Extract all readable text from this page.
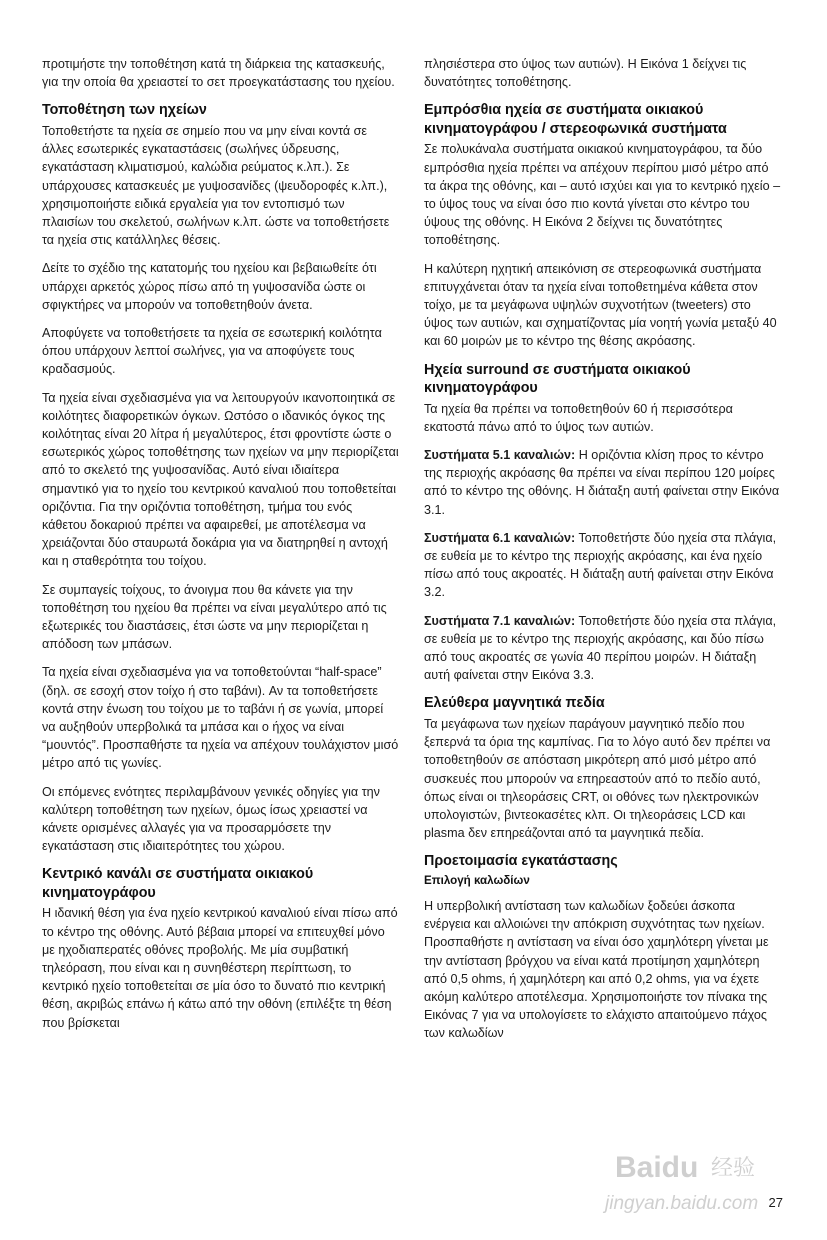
προτιμήστε την τοποθέτηση κατά τη διάρκεια της κατασκευής, για την οποία θα χρειαστεί το σετ προεγκατάστασης του ηχείου.

Τοποθέτηση των ηχείων

Τοποθετήστε τα ηχεία σε σημείο που να μην είναι κοντά σε άλλες εσωτερικές εγκαταστάσεις (σωλήνες ύδρευσης, εγκατάσταση κλιματισμού, καλώδια ρεύματος κ.λπ.). Σε υπάρχουσες κατασκευές με γυψοσανίδες (ψευδοροφές κ.λπ.), χρησιμοποιήστε ειδικά εργαλεία για τον εντοπισμό των πλαισίων του σκελετού, σωλήνων κ.λπ. ώστε να τοποθετήσετε τα ηχεία στις κατάλληλες θέσεις.

Δείτε το σχέδιο της κατατομής του ηχείου και βεβαιωθείτε ότι υπάρχει αρκετός χώρος πίσω από τη γυψοσανίδα ώστε οι σφιγκτήρες να μπορούν να τοποθετηθούν άνετα.

Αποφύγετε να τοποθετήσετε τα ηχεία σε εσωτερική κοιλότητα όπου υπάρχουν λεπτοί σωλήνες, για να αποφύγετε τους κραδασμούς.

Τα ηχεία είναι σχεδιασμένα για να λειτουργούν ικανοποιητικά σε κοιλότητες διαφορετικών όγκων. Ωστόσο ο ιδανικός όγκος της κοιλότητας είναι 20 λίτρα ή μεγαλύτερος, έτσι φροντίστε ώστε ο εσωτερικός χώρος τοποθέτησης των ηχείων να μην περιορίζεται από το σκελετό της γυψοσανίδας. Αυτό είναι ιδιαίτερα σημαντικό για το ηχείο του κεντρικού καναλιού που τοποθετείται οριζόντια. Για την οριζόντια τοποθέτηση, τμήμα του ενός κάθετου δοκαριού πρέπει να αφαιρεθεί, με αποτέλεσμα να χρειάζονται δύο σταυρωτά δοκάρια για να διατηρηθεί η αντοχή και η σταθερότητα του τοίχου.

Σε συμπαγείς τοίχους, το άνοιγμα που θα κάνετε για την τοποθέτηση του ηχείου θα πρέπει να είναι μεγαλύτερο από τις εξωτερικές του διαστάσεις, έτσι ώστε να μην περιορίζεται η απόδοση των μπάσων.

Τα ηχεία είναι σχεδιασμένα για να τοποθετούνται “half-space” (δηλ. σε εσοχή στον τοίχο ή στο ταβάνι). Αν τα τοποθετήσετε κοντά στην ένωση του τοίχου με το ταβάνι ή σε γωνία, μπορεί να αυξηθούν υπερβολικά τα μπάσα και ο ήχος να είναι “μουντός”. Προσπαθήστε τα ηχεία να απέχουν τουλάχιστον μισό μέτρο από τις γωνίες.

Οι επόμενες ενότητες περιλαμβάνουν γενικές οδηγίες για την καλύτερη τοποθέτηση των ηχείων, όμως ίσως χρειαστεί να κάνετε ορισμένες αλλαγές για να προσαρμόσετε την εγκατάσταση στις ιδιαιτερότητες του χώρου.

Κεντρικό κανάλι σε συστήματα οικιακού κινηματογράφου

Η ιδανική θέση για ένα ηχείο κεντρικού καναλιού είναι πίσω από το κέντρο της οθόνης. Αυτό βέβαια μπορεί να επιτευχθεί μόνο με ηχοδιαπερατές οθόνες προβολής. Με μία συμβατική τηλεόραση, που είναι και η συνηθέστερη περίπτωση, το κεντρικό ηχείο τοποθετείται σε μία όσο το δυνατό πιο κεντρική θέση, ακριβώς επάνω ή κάτω από την οθόνη (επιλέξτε τη θέση που βρίσκεται

πλησιέστερα στο ύψος των αυτιών). Η Εικόνα 1 δείχνει τις δυνατότητες τοποθέτησης.

Εμπρόσθια ηχεία σε συστήματα οικιακού κινηματογράφου / στερεοφωνικά συστήματα

Σε πολυκάναλα συστήματα οικιακού κινηματογράφου, τα δύο εμπρόσθια ηχεία πρέπει να απέχουν περίπου μισό μέτρο από τα άκρα της οθόνης, και – αυτό ισχύει και για το κεντρικό ηχείο – το ύψος τους να είναι όσο πιο κοντά γίνεται στο κέντρο του ύψους της οθόνης. Η Εικόνα 2 δείχνει τις δυνατότητες τοποθέτησης.

Η καλύτερη ηχητική απεικόνιση σε στερεοφωνικά συστήματα επιτυγχάνεται όταν τα ηχεία είναι τοποθετημένα κάθετα στον τοίχο, με τα μεγάφωνα υψηλών συχνοτήτων (tweeters) στο ύψος των αυτιών, και σχηματίζοντας μία νοητή γωνία μεταξύ 40 και 60 μοιρών με το κέντρο της θέσης ακρόασης.

Ηχεία surround σε συστήματα οικιακού κινηματογράφου

Τα ηχεία θα πρέπει να τοποθετηθούν 60 ή περισσότερα εκατοστά πάνω από το ύψος των αυτιών.

Συστήματα 5.1 καναλιών: Η οριζόντια κλίση προς το κέντρο της περιοχής ακρόασης θα πρέπει να είναι περίπου 120 μοίρες από το κέντρο της οθόνης. Η διάταξη αυτή φαίνεται στην Εικόνα 3.1.

Συστήματα 6.1 καναλιών: Τοποθετήστε δύο ηχεία στα πλάγια, σε ευθεία με το κέντρο της περιοχής ακρόασης, και ένα ηχείο πίσω από τους ακροατές. Η διάταξη αυτή φαίνεται στην Εικόνα 3.2.

Συστήματα 7.1 καναλιών: Τοποθετήστε δύο ηχεία στα πλάγια, σε ευθεία με το κέντρο της περιοχής ακρόασης, και δύο πίσω από τους ακροατές σε γωνία 40 περίπου μοιρών. Η διάταξη αυτή φαίνεται στην Εικόνα 3.3.

Ελεύθερα μαγνητικά πεδία

Τα μεγάφωνα των ηχείων παράγουν μαγνητικό πεδίο που ξεπερνά τα όρια της καμπίνας. Για το λόγο αυτό δεν πρέπει να τοποθετηθούν σε απόσταση μικρότερη από μισό μέτρο από συσκευές που μπορούν να επηρεαστούν από το πεδίο αυτό, όπως είναι οι τηλεοράσεις CRT, οι οθόνες των ηλεκτρονικών υπολογιστών, βιντεοκασέτες κλπ. Οι τηλεοράσεις LCD και plasma δεν επηρεάζονται από τα μαγνητικά πεδία.

Προετοιμασία εγκατάστασης
Επιλογή καλωδίων

Η υπερβολική αντίσταση των καλωδίων ξοδεύει άσκοπα ενέργεια και αλλοιώνει την απόκριση συχνότητας των ηχείων. Προσπαθήστε η αντίσταση να είναι όσο χαμηλότερη γίνεται με την αντίσταση βρόγχου να είναι κατά προτίμηση χαμηλότερη από 0,5 ohms, ή χαμηλότερη και από 0,2 ohms, για να έχετε ακόμη καλύτερο αποτέλεσμα. Χρησιμοποιήστε τον πίνακα της Εικόνας 7 για να υπολογίσετε το ελάχιστο απαιτούμενο πάχος των καλωδίων

Baidu 经验
jingyan.baidu.com 27
